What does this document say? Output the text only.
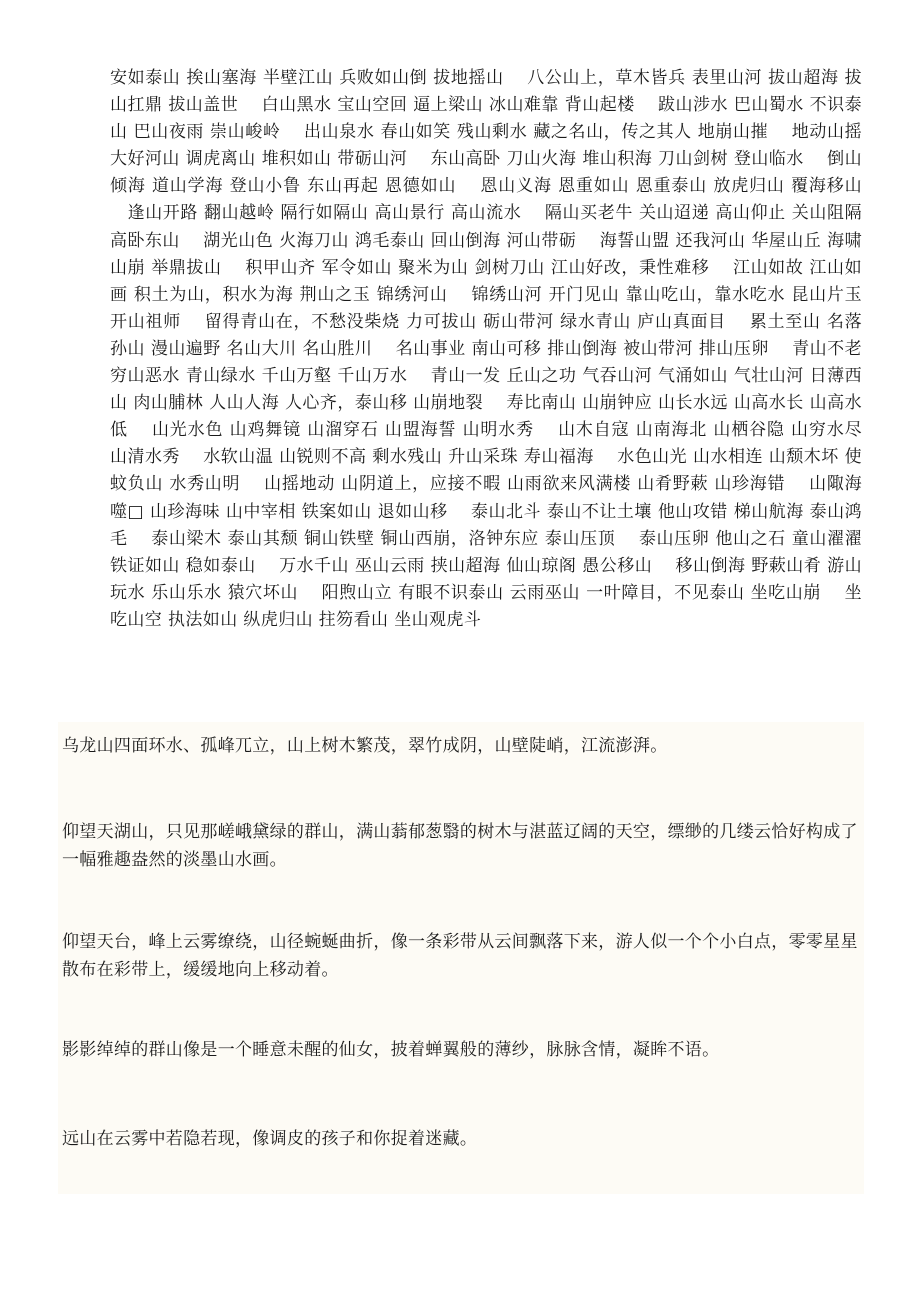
安如泰山 挨山塞海 半壁江山 兵败如山倒 拔地摇山 　八公山上，草木皆兵 表里山河 拔山超海 拔山扛鼎 拔山盖世 　白山黑水 宝山空回 逼上梁山 冰山难靠 背山起楼 　跋山涉水 巴山蜀水 不识泰山 巴山夜雨 崇山峻岭 　出山泉水 春山如笑 残山剩水 藏之名山，传之其人 地崩山摧 　地动山摇 大好河山 调虎离山 堆积如山 带砺山河 　东山高卧 刀山火海 堆山积海 刀山剑树 登山临水 　倒山倾海 道山学海 登山小鲁 东山再起 恩德如山 　恩山义海 恩重如山 恩重泰山 放虎归山 覆海移山 　逢山开路 翻山越岭 隔行如隔山 高山景行 高山流水 　隔山买老牛 关山迢递 高山仰止 关山阻隔 高卧东山 　湖光山色 火海刀山 鸿毛泰山 回山倒海 河山带砺 　海誓山盟 还我河山 华屋山丘 海啸山崩 举鼎拔山 　积甲山齐 军令如山 聚米为山 剑树刀山 江山好改，秉性难移 　江山如故 江山如画 积土为山，积水为海 荆山之玉 锦绣河山 　锦绣山河 开门见山 靠山吃山，靠水吃水 昆山片玉 开山祖师 　留得青山在，不愁没柴烧 力可拔山 砺山带河 绿水青山 庐山真面目 　累土至山 名落孙山 漫山遍野 名山大川 名山胜川 　名山事业 南山可移 排山倒海 被山带河 排山压卵 　青山不老 穷山恶水 青山绿水 千山万壑 千山万水 　青山一发 丘山之功 气吞山河 气涌如山 气壮山河 日薄西山 肉山脯林 人山人海 人心齐，泰山移 山崩地裂 　寿比南山 山崩钟应 山长水远 山高水长 山高水低 　山光水色 山鸡舞镜 山溜穿石 山盟海誓 山明水秀 　山木自寇 山南海北 山栖谷隐 山穷水尽 山清水秀 　水软山温 山锐则不高 剩水残山 升山采珠 寿山福海 　水色山光 山水相连 山颓木坏 使蚊负山 水秀山明 　山摇地动 山阴道上，应接不暇 山雨欲来风满楼 山肴野蔌 山珍海错 　山陬海噬□ 山珍海味 山中宰相 铁案如山 退如山移 　泰山北斗 泰山不让土壤 他山攻错 梯山航海 泰山鸿毛 　泰山梁木 泰山其颓 铜山铁壁 铜山西崩，洛钟东应 泰山压顶 　泰山压卵 他山之石 童山濯濯 铁证如山 稳如泰山 　万水千山 巫山云雨 挟山超海 仙山琼阁 愚公移山 　移山倒海 野蔌山肴 游山玩水 乐山乐水 猿穴坏山 　阳煦山立 有眼不识泰山 云雨巫山 一叶障目，不见泰山 坐吃山崩 　坐吃山空 执法如山 纵虎归山 拄笏看山 坐山观虎斗

乌龙山四面环水、孤峰兀立，山上树木繁茂，翠竹成阴，山壁陡峭，江流澎湃。

仰望天湖山，只见那嵯峨黛绿的群山，满山蓊郁葱翳的树木与湛蓝辽阔的天空，缥缈的几缕云恰好构成了一幅雅趣盎然的淡墨山水画。

仰望天台，峰上云雾缭绕，山径蜿蜒曲折，像一条彩带从云间飘落下来，游人似一个个小白点，零零星星散布在彩带上，缓缓地向上移动着。

影影绰绰的群山像是一个睡意未醒的仙女，披着蝉翼般的薄纱，脉脉含情，凝眸不语。

远山在云雾中若隐若现，像调皮的孩子和你捉着迷藏。
